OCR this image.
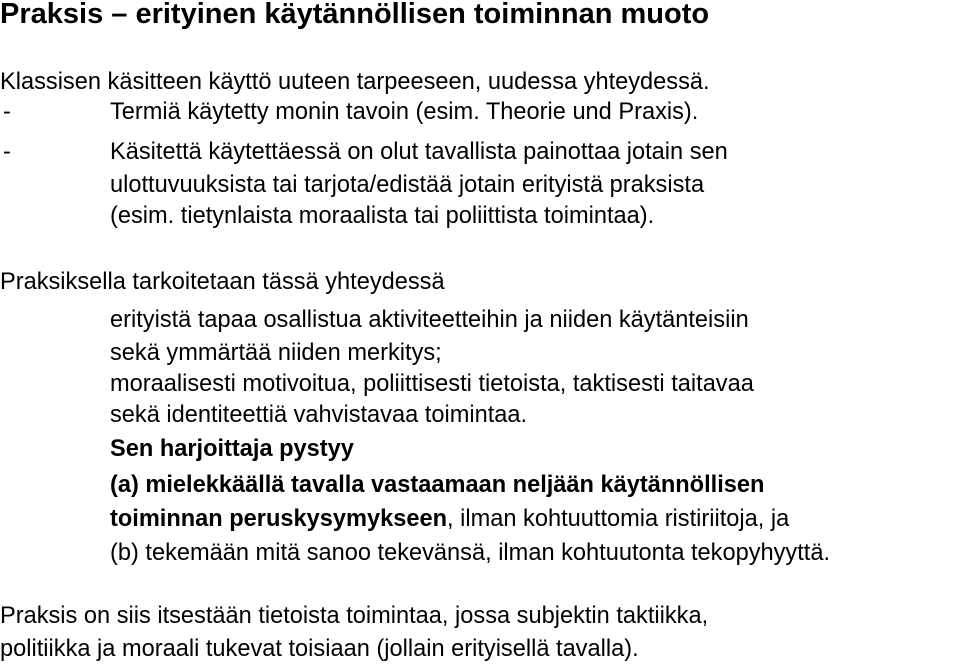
Praksis – erityinen käytännöllisen toiminnan muoto
Klassisen käsitteen käyttö uuteen tarpeeseen, uudessa yhteydessä.
-	Termiä käytetty monin tavoin (esim. Theorie und Praxis).
-	Käsitettä käytettäessä on olut tavallista painottaa jotain sen
ulottuvuuksista tai tarjota/edistää jotain erityistä praksista
(esim. tietynlaista moraalista tai poliittista toimintaa).
Praksiksella tarkoitetaan tässä yhteydessä
erityistä tapaa osallistua aktiviteetteihin ja niiden käytänteisiin
sekä ymmärtää niiden merkitys;
moraalisesti motivoitua, poliittisesti tietoista, taktisesti taitavaa
sekä identiteettiä vahvistavaa toimintaa.
Sen harjoittaja pystyy
(a) mielekkäällä tavalla vastaamaan neljään käytännöllisen
toiminnan peruskysymykseen, ilman kohtuuttomia ristiriitoja, ja
(b) tekemään mitä sanoo tekevänsä, ilman kohtuutonta tekopyhyyttä.
Praksis on siis itsestään tietoista toimintaa, jossa subjektin taktiikka,
politiikka ja moraali tukevat toisiaan (jollain erityisellä tavalla).
